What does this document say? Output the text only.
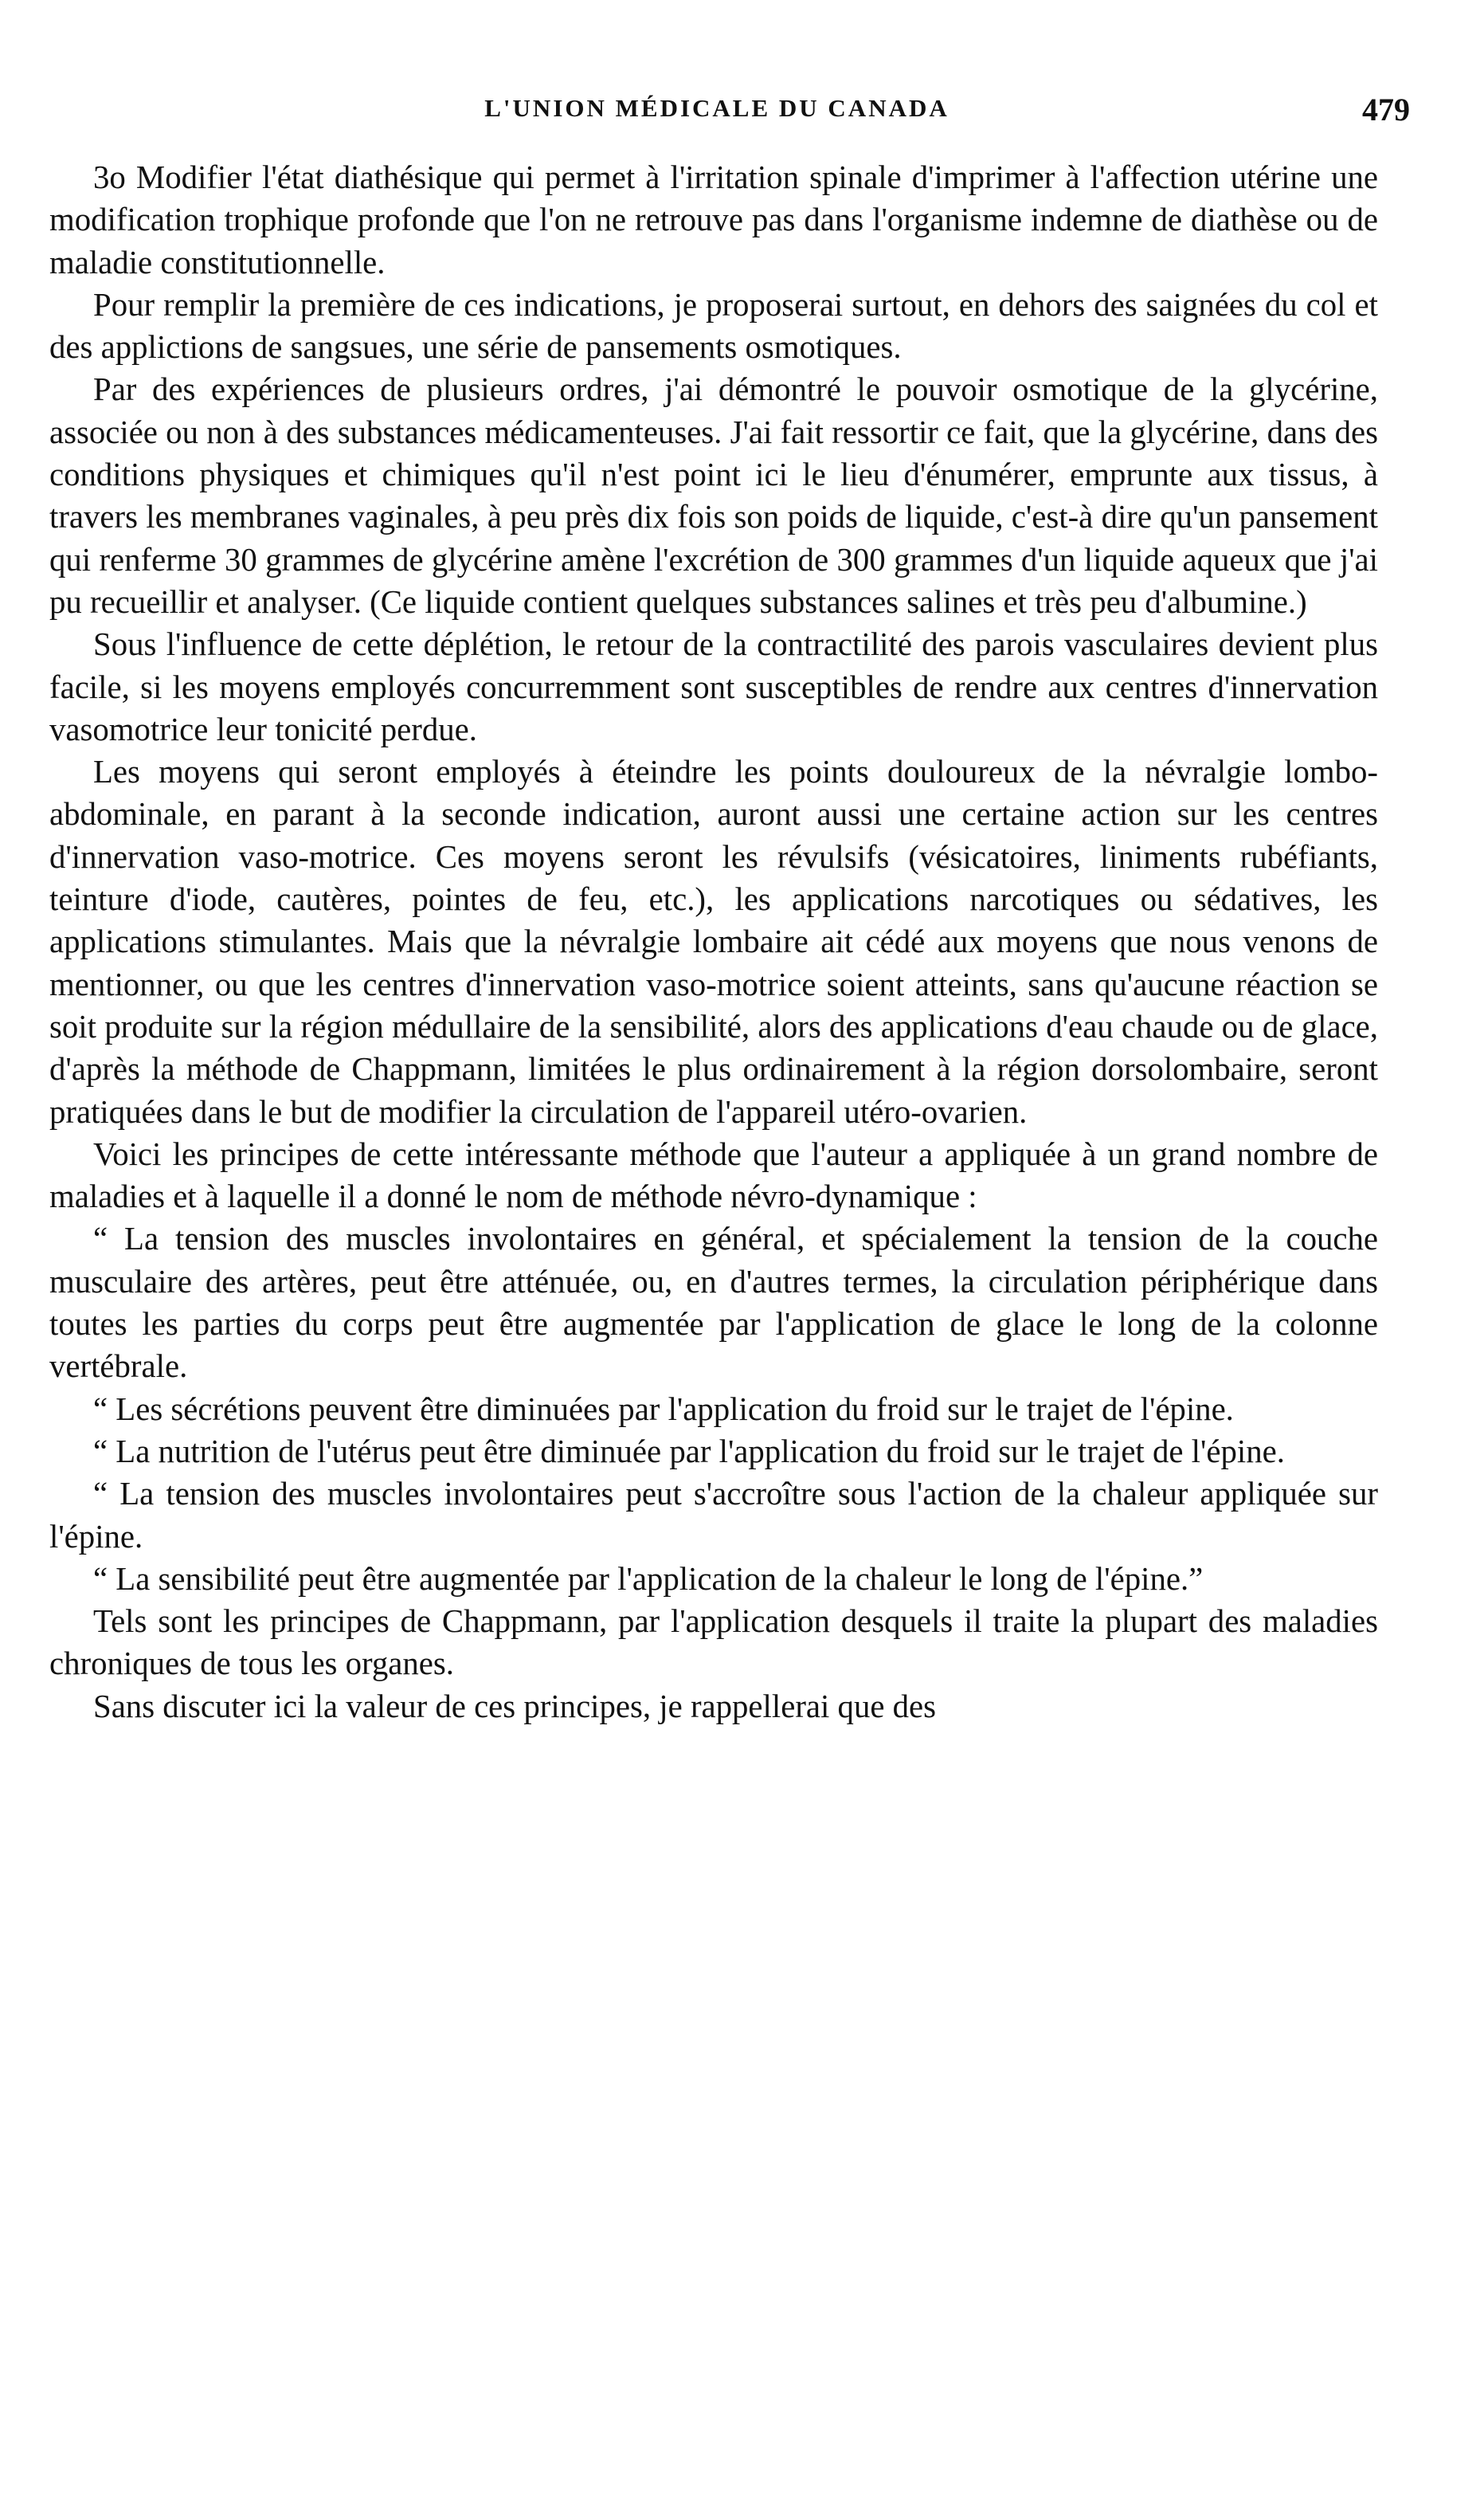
L'UNION MÉDICALE DU CANADA	479

3o Modifier l'état diathésique qui permet à l'irritation spinale d'imprimer à l'affection utérine une modification trophique profonde que l'on ne retrouve pas dans l'organisme indemne de diathèse ou de maladie constitutionnelle.

Pour remplir la première de ces indications, je proposerai surtout, en dehors des saignées du col et des applictions de sangsues, une série de pansements osmotiques.

Par des expériences de plusieurs ordres, j'ai démontré le pouvoir osmotique de la glycérine, associée ou non à des substances médicamenteuses. J'ai fait ressortir ce fait, que la glycérine, dans des conditions physiques et chimiques qu'il n'est point ici le lieu d'énumérer, emprunte aux tissus, à travers les membranes vaginales, à peu près dix fois son poids de liquide, c'est-à dire qu'un pansement qui renferme 30 grammes de glycérine amène l'excrétion de 300 grammes d'un liquide aqueux que j'ai pu recueillir et analyser. (Ce liquide contient quelques substances salines et très peu d'albumine.)

Sous l'influence de cette déplétion, le retour de la contractilité des parois vasculaires devient plus facile, si les moyens employés concurremment sont susceptibles de rendre aux centres d'innervation vasomotrice leur tonicité perdue.

Les moyens qui seront employés à éteindre les points douloureux de la névralgie lombo-abdominale, en parant à la seconde indication, auront aussi une certaine action sur les centres d'innervation vaso-motrice. Ces moyens seront les révulsifs (vésicatoires, liniments rubéfiants, teinture d'iode, cautères, pointes de feu, etc.), les applications narcotiques ou sédatives, les applications stimulantes. Mais que la névralgie lombaire ait cédé aux moyens que nous venons de mentionner, ou que les centres d'innervation vaso-motrice soient atteints, sans qu'aucune réaction se soit produite sur la région médullaire de la sensibilité, alors des applications d'eau chaude ou de glace, d'après la méthode de Chappmann, limitées le plus ordinairement à la région dorsolombaire, seront pratiquées dans le but de modifier la circulation de l'appareil utéro-ovarien.

Voici les principes de cette intéressante méthode que l'auteur a appliquée à un grand nombre de maladies et à laquelle il a donné le nom de méthode névro-dynamique :

“ La tension des muscles involontaires en général, et spécialement la tension de la couche musculaire des artères, peut être atténuée, ou, en d'autres termes, la circulation périphérique dans toutes les parties du corps peut être augmentée par l'application de glace le long de la colonne vertébrale.

“ Les sécrétions peuvent être diminuées par l'application du froid sur le trajet de l'épine.

“ La nutrition de l'utérus peut être diminuée par l'application du froid sur le trajet de l'épine.

“ La tension des muscles involontaires peut s'accroître sous l'action de la chaleur appliquée sur l'épine.

“ La sensibilité peut être augmentée par l'application de la chaleur le long de l'épine.”

Tels sont les principes de Chappmann, par l'application desquels il traite la plupart des maladies chroniques de tous les organes.

Sans discuter ici la valeur de ces principes, je rappellerai que des
